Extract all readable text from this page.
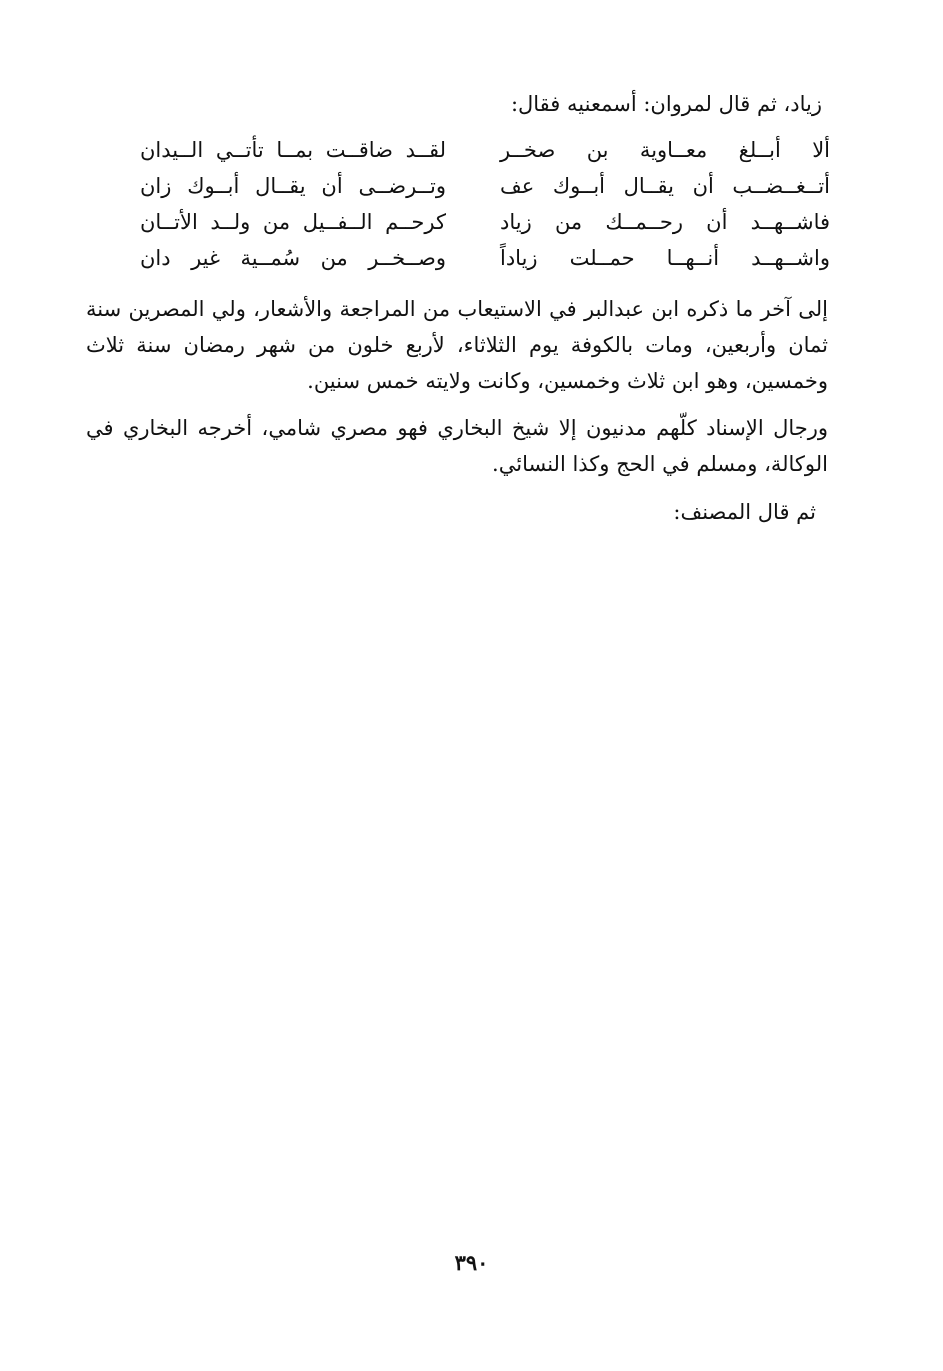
زياد، ثم قال لمروان: أسمعنيه فقال:
ألا أبــلغ معــاوية بن صخــر
لقــد ضاقــت بمــا تأتــي الــيدان
أتــغــضــب أن يقــال أبــوك عف
وتــرضــى أن يقــال أبــوك زان
فاشــهــد أن رحــمــك من زياد
كرحــم الــفــيل من ولــد الأتــان
واشــهــد أنــهــا حمــلت زياداً
وصــخــر من سُمــية غير دان
إلى آخر ما ذكره ابن عبدالبر في الاستيعاب من المراجعة والأشعار، ولي المصرين سنة ثمان وأربعين، ومات بالكوفة يوم الثلاثاء، لأربع خلون من شهر رمضان سنة ثلاث وخمسين، وهو ابن ثلاث وخمسين، وكانت ولايته خمس سنين.
ورجال الإسناد كلّهم مدنيون إلا شيخ البخاري فهو مصري شامي، أخرجه البخاري في الوكالة، ومسلم في الحج وكذا النسائي.
ثم قال المصنف:
٣٩٠
